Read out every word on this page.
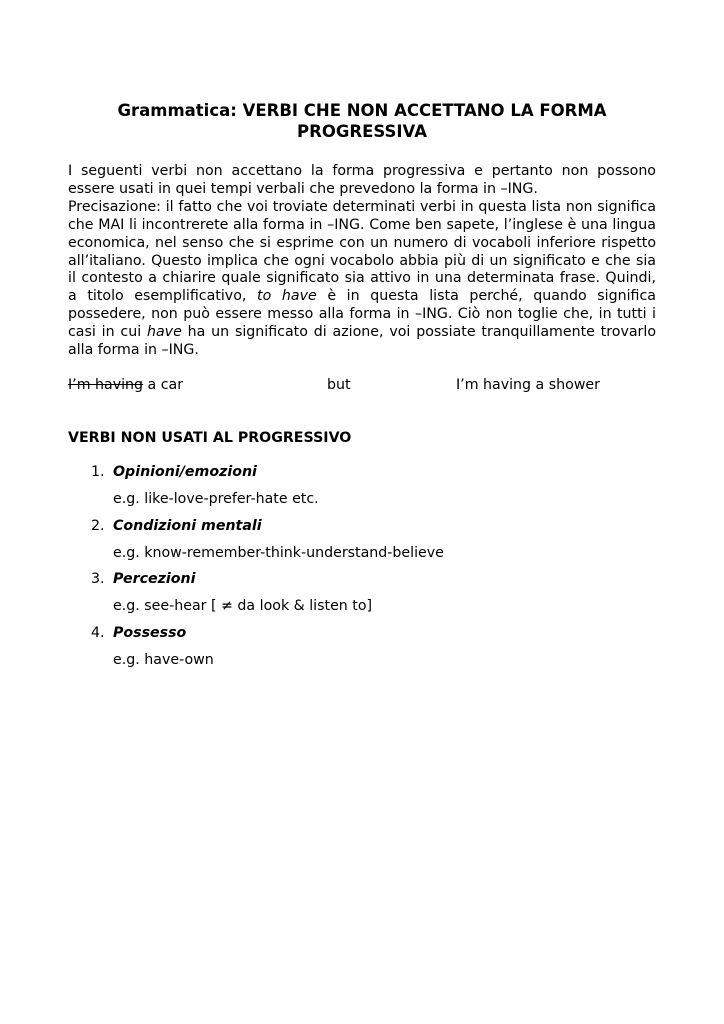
Grammatica: VERBI CHE NON ACCETTANO LA FORMA PROGRESSIVA

I seguenti verbi non accettano la forma progressiva e pertanto non possono essere usati in quei tempi verbali che prevedono la forma in –ING.

Precisazione: il fatto che voi troviate determinati verbi in questa lista non significa che MAI li incontrerete alla forma in –ING. Come ben sapete, l’inglese è una lingua economica, nel senso che si esprime con un numero di vocaboli inferiore rispetto all’italiano. Questo implica che ogni vocabolo abbia più di un significato e che sia il contesto a chiarire quale significato sia attivo in una determinata frase. Quindi, a titolo esemplificativo, to have è in questa lista perché, quando significa possedere, non può essere messo alla forma in –ING. Ciò non toglie che, in tutti i casi in cui have ha un significato di azione, voi possiate tranquillamente trovarlo alla forma in –ING.

I’m having a car	but	I’m having a shower
VERBI NON USATI AL PROGRESSIVO
1. Opinioni/emozioni
e.g. like-love-prefer-hate etc.
2. Condizioni mentali
e.g. know-remember-think-understand-believe
3. Percezioni
e.g. see-hear [ ≠ da look & listen to]
4. Possesso
e.g. have-own
